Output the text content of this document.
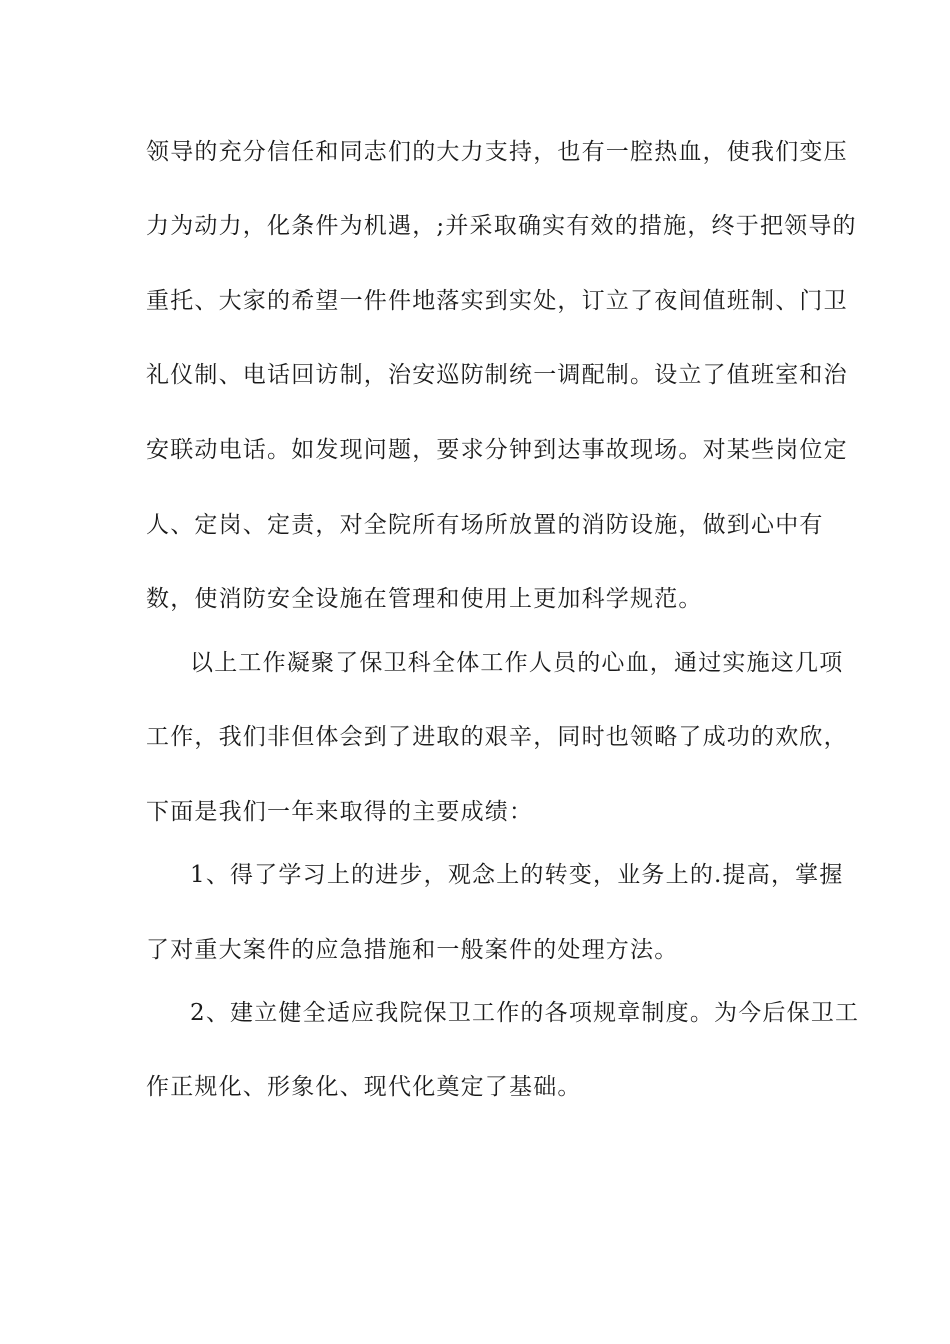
领导的充分信任和同志们的大力支持，也有一腔热血，使我们变压
力为动力，化条件为机遇，;并采取确实有效的措施，终于把领导的
重托、大家的希望一件件地落实到实处，订立了夜间值班制、门卫
礼仪制、电话回访制，治安巡防制统一调配制。设立了值班室和治
安联动电话。如发现问题，要求分钟到达事故现场。对某些岗位定
人、定岗、定责，对全院所有场所放置的消防设施，做到心中有
数，使消防安全设施在管理和使用上更加科学规范。
以上工作凝聚了保卫科全体工作人员的心血，通过实施这几项
工作，我们非但体会到了进取的艰辛，同时也领略了成功的欢欣，
下面是我们一年来取得的主要成绩：
1、得了学习上的进步，观念上的转变，业务上的.提高，掌握
了对重大案件的应急措施和一般案件的处理方法。
2、建立健全适应我院保卫工作的各项规章制度。为今后保卫工
作正规化、形象化、现代化奠定了基础。
